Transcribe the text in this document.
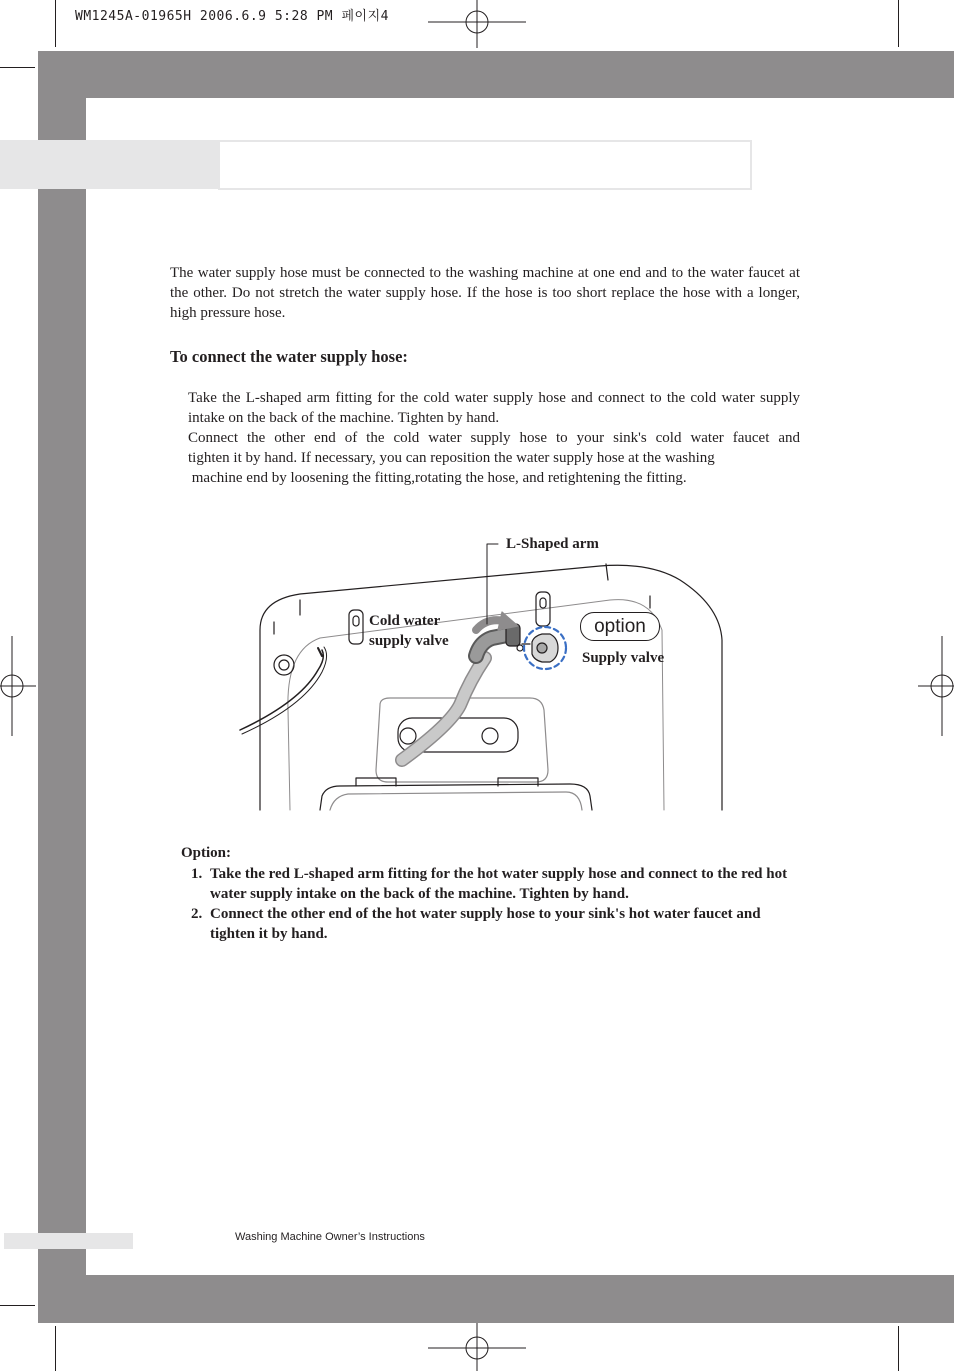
WM1245A-01965H 2006.6.9 5:28 PM 페이지4
The water supply hose must be connected to the washing machine at one end and to the water faucet at the other. Do not stretch the water supply hose. If the hose is too short replace the hose with a longer, high pressure hose.
To connect the water supply hose:
Take the L-shaped arm fitting for the cold water supply hose and connect to the cold water supply intake on the back of the machine. Tighten by hand.
Connect the other end of the cold water supply hose to your sink's cold water faucet and
tighten it by hand. If necessary, you can reposition the water supply hose at the washing
machine end by loosening the fitting,rotating the hose, and retightening the fitting.
L-Shaped arm
Cold water
supply valve
option
Supply valve
Option:
1. Take the red L-shaped arm fitting for the hot water supply hose and connect to the red hot water supply intake on the back of the machine. Tighten by hand.
2. Connect the other end of the hot water supply hose to your sink's hot water faucet and tighten it by hand.
Washing Machine Owner’s Instructions
